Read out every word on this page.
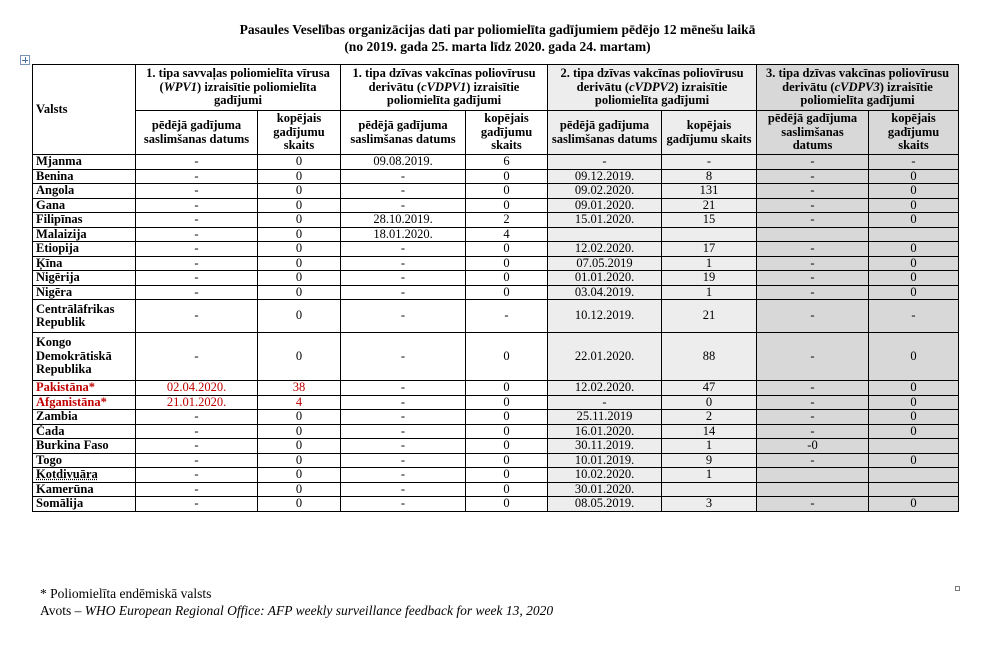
Pasaules Veselības organizācijas dati par poliomielīta gadījumiem pēdējo 12 mēnešu laikā
(no 2019. gada 25. marta līdz 2020. gada 24. martam)
Valsts	1. tipa savvaļas poliomielīta vīrusa (WPV1) izraisītie poliomielīta gadījumi		1. tipa dzīvas vakcīnas poliovīrusu derivātu (cVDPV1) izraisītie poliomielīta gadījumi		2. tipa dzīvas vakcīnas poliovīrusu derivātu (cVDPV2) izraisītie poliomielīta gadījumi		3. tipa dzīvas vakcīnas poliovīrusu derivātu (cVDPV3) izraisītie poliomielīta gadījumi	
	pēdējā gadījuma saslimšanas datums	kopējais gadījumu skaits	pēdējā gadījuma saslimšanas datums	kopējais gadījumu skaits	pēdējā gadījuma saslimšanas datums	kopējais gadījumu skaits	pēdējā gadījuma saslimšanas datums	kopējais gadījumu skaits
Mjanma	-	0	09.08.2019.	6	-	-	-	-
Benina	-	0	-	0	09.12.2019.	8	-	0
Angola	-	0	-	0	09.02.2020.	131	-	0
Gana	-	0	-	0	09.01.2020.	21	-	0
Filipīnas	-	0	28.10.2019.	2	15.01.2020.	15	-	0
Malaizija	-	0	18.01.2020.	4				
Etiopija	-	0	-	0	12.02.2020.	17	-	0
Ķīna	-	0	-	0	07.05.2019	1	-	0
Nigērija	-	0	-	0	01.01.2020.	19	-	0
Nigēra	-	0	-	0	03.04.2019.	1	-	0
Centrālāfrikas Republik	-	0	-	-	10.12.2019.	21	-	-
Kongo Demokrātiskā Republika	-	0	-	0	22.01.2020.	88	-	0
Pakistāna*	02.04.2020.	38	-	0	12.02.2020.	47	-	0
Afganistāna*	21.01.2020.	4	-	0	-	0	-	0
Zambia	-	0	-	0	25.11.2019	2	-	0
Čada	-	0	-	0	16.01.2020.	14	-	0
Burkina Faso	-	0	-	0	30.11.2019.	1	-0	
Togo	-	0	-	0	10.01.2019.	9	-	0
Kotdivuāra	-	0	-	0	10.02.2020.	1		
Kamerūna	-	0	-	0	30.01.2020.			
Somālija	-	0	-	0	08.05.2019.	3	-	0
* Poliomielīta endēmiskā valsts
Avots – WHO European Regional Office: AFP weekly surveillance feedback for week 13, 2020
